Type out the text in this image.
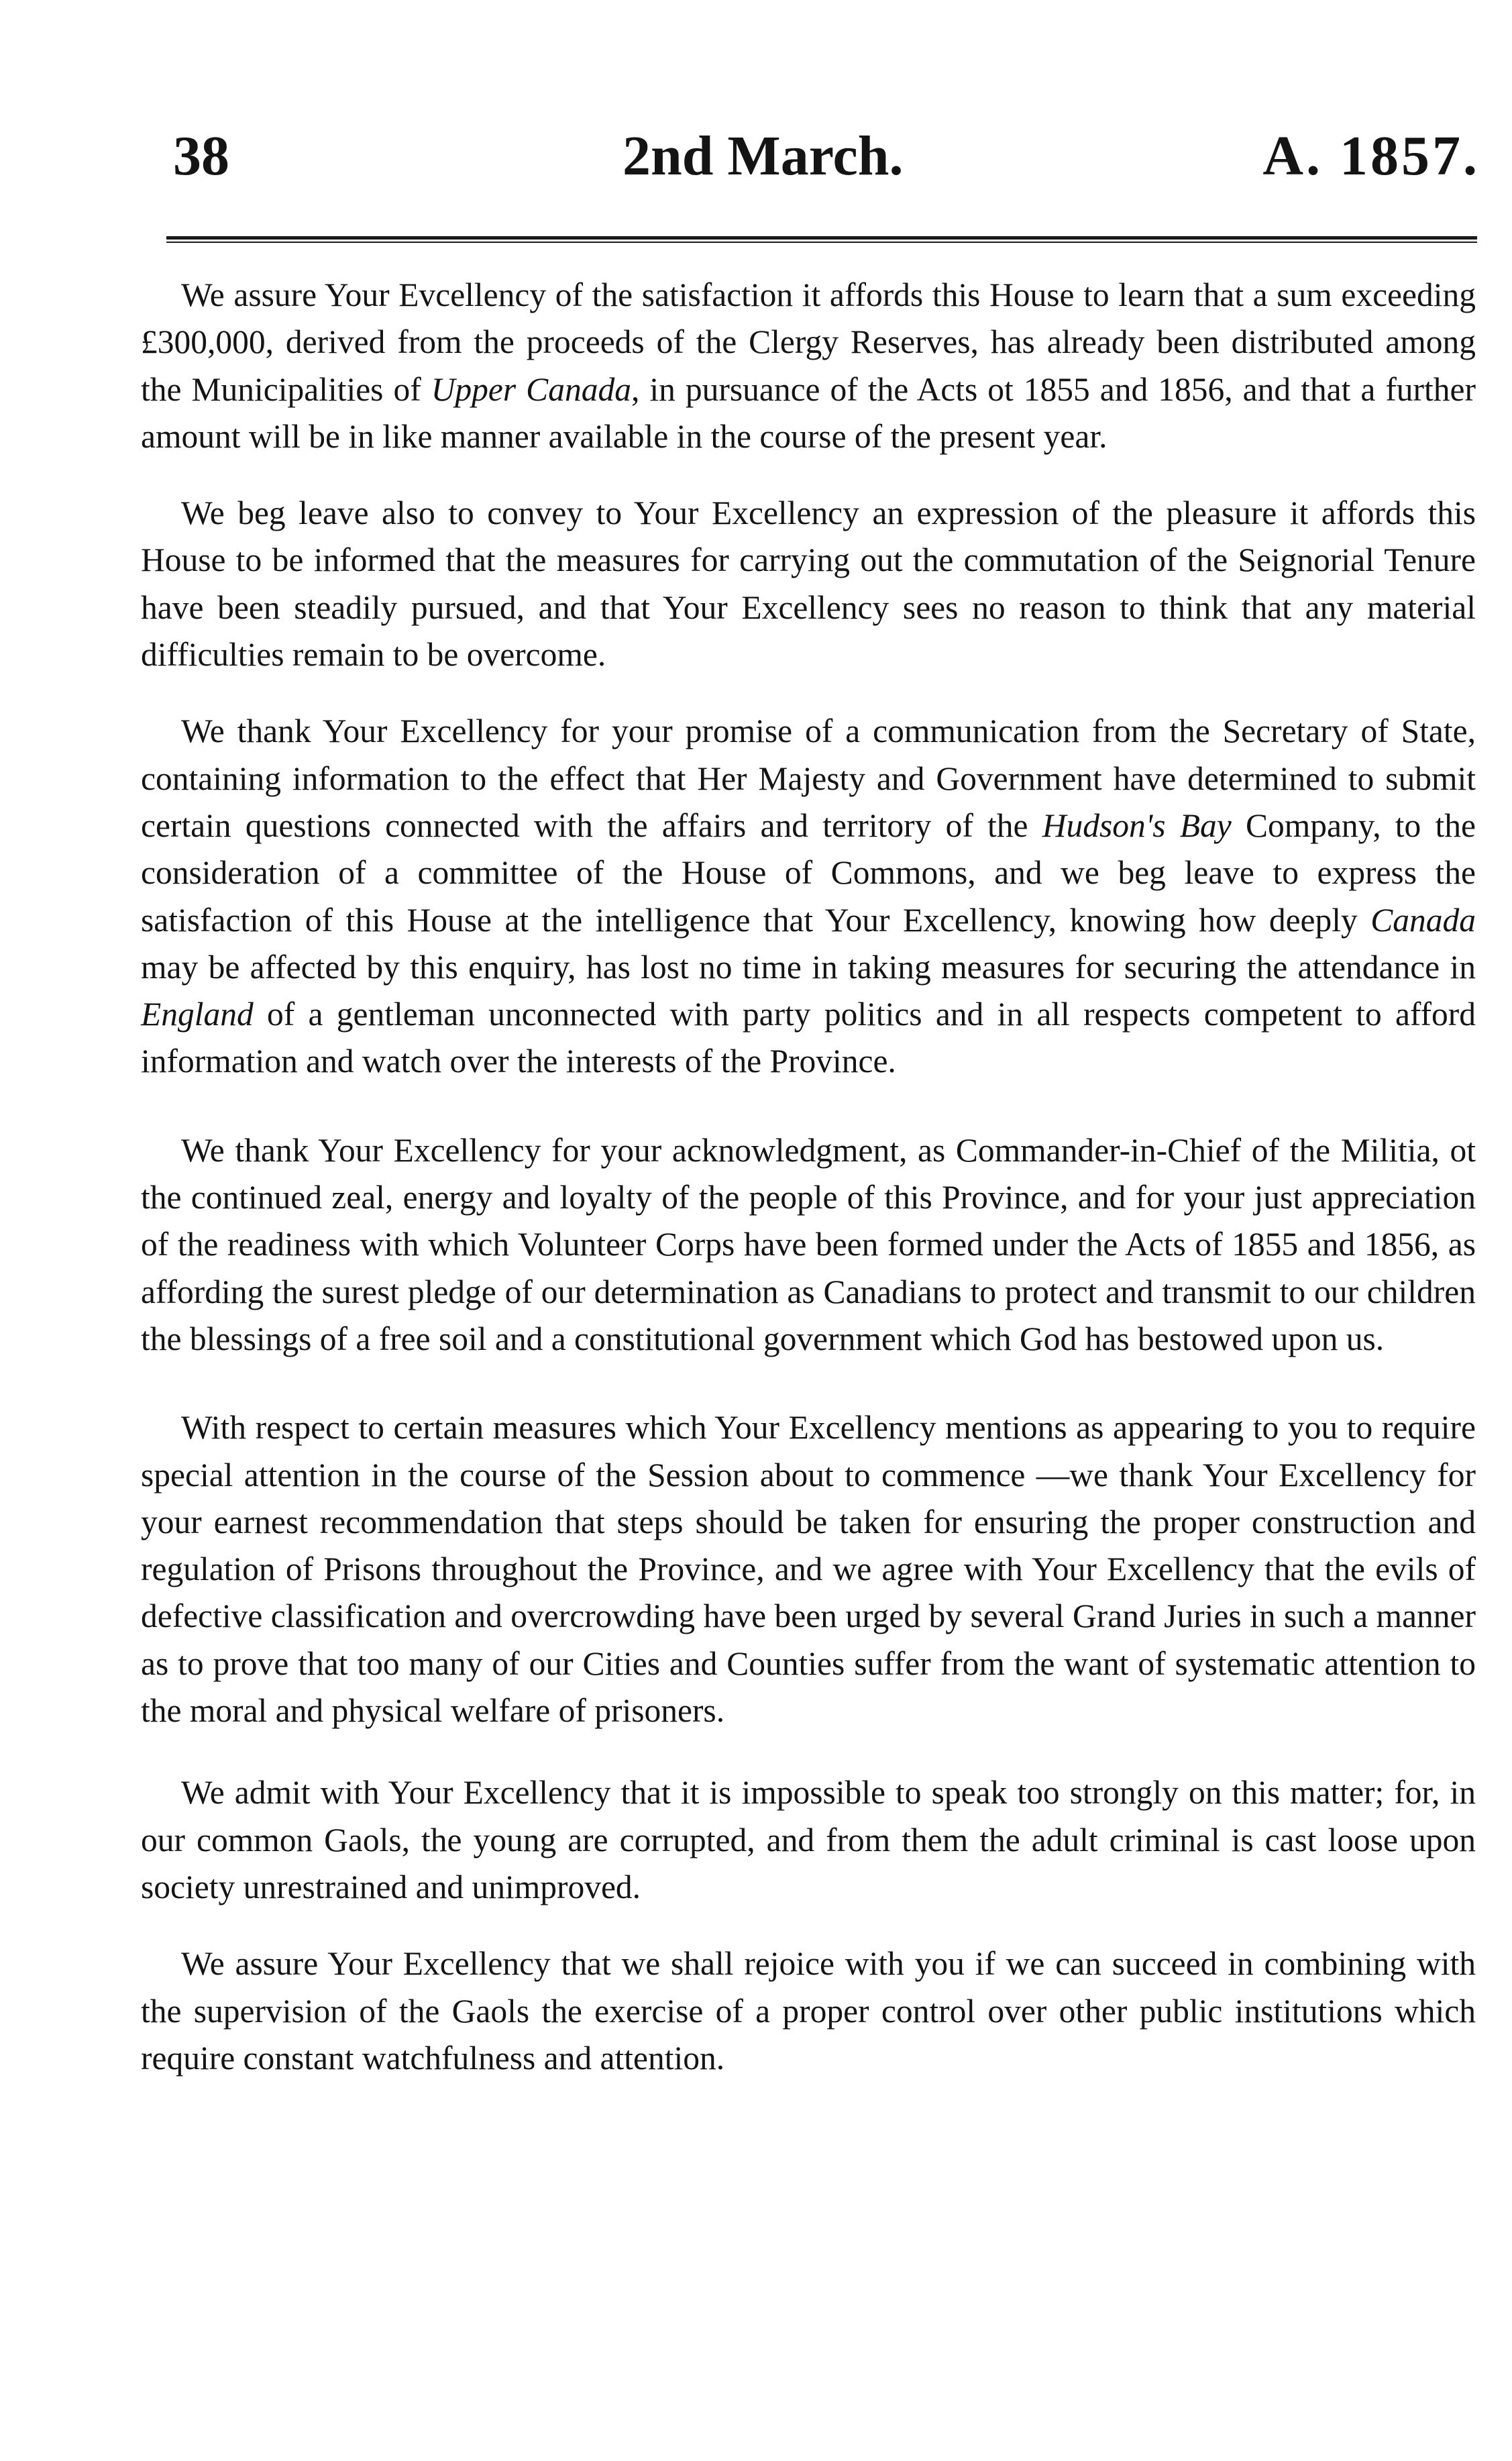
38	2nd March.	A. 1857.

We assure Your Evcellency of the satisfaction it affords this House to learn that a sum exceeding £300,000, derived from the proceeds of the Clergy Reserves, has already been distributed among the Municipalities of Upper Canada, in pursuance of the Acts ot 1855 and 1856, and that a further amount will be in like manner available in the course of the present year.

We beg leave also to convey to Your Excellency an expression of the pleasure it affords this House to be informed that the measures for carrying out the commutation of the Seignorial Tenure have been steadily pursued, and that Your Excellency sees no reason to think that any material difficulties remain to be overcome.

We thank Your Excellency for your promise of a communication from the Secretary of State, containing information to the effect that Her Majesty and Government have determined to submit certain questions connected with the affairs and territory of the Hudson's Bay Company, to the consideration of a committee of the House of Commons, and we beg leave to express the satisfaction of this House at the intelligence that Your Excellency, knowing how deeply Canada may be affected by this enquiry, has lost no time in taking measures for securing the attendance in England of a gentleman unconnected with party politics and in all respects competent to afford information and watch over the interests of the Province.

We thank Your Excellency for your acknowledgment, as Commander-in-Chief of the Militia, ot the continued zeal, energy and loyalty of the people of this Province, and for your just appreciation of the readiness with which Volunteer Corps have been formed under the Acts of 1855 and 1856, as affording the surest pledge of our determination as Canadians to protect and transmit to our children the blessings of a free soil and a constitutional government which God has bestowed upon us.

With respect to certain measures which Your Excellency mentions as appearing to you to require special attention in the course of the Session about to commence —we thank Your Excellency for your earnest recommendation that steps should be taken for ensuring the proper construction and regulation of Prisons throughout the Province, and we agree with Your Excellency that the evils of defective classification and overcrowding have been urged by several Grand Juries in such a manner as to prove that too many of our Cities and Counties suffer from the want of systematic attention to the moral and physical welfare of prisoners.

We admit with Your Excellency that it is impossible to speak too strongly on this matter; for, in our common Gaols, the young are corrupted, and from them the adult criminal is cast loose upon society unrestrained and unimproved.

We assure Your Excellency that we shall rejoice with you if we can succeed in combining with the supervision of the Gaols the exercise of a proper control over other public institutions which require constant watchfulness and attention.
